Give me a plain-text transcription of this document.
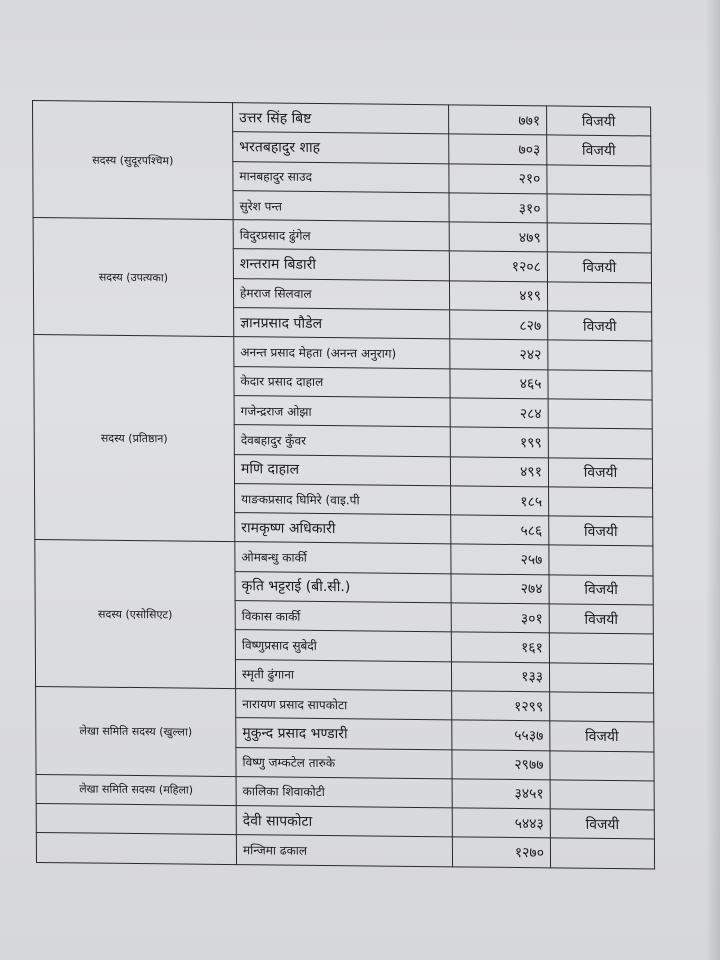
सदस्य (सुदूरपश्चिम)	उत्तर सिंह बिष्ट	७७१	विजयी
	भरतबहादुर शाह	७०३	विजयी
	मानबहादुर साउद	२१०	
	सुरेश पन्त	३१०	
सदस्य (उपत्यका)	विदुरप्रसाद ढुंगेल	४७९	
	शन्तराम बिडारी	१२०८	विजयी
	हेमराज सिलवाल	४१९	
	ज्ञानप्रसाद पौडेल	८२७	विजयी
सदस्य (प्रतिष्ठान)	अनन्त प्रसाद मेहता (अनन्त अनुराग)	२४२	
	केदार प्रसाद दाहाल	४६५	
	गजेन्द्रराज ओझा	२८४	
	देवबहादुर कुँवर	१९९	
	मणि दाहाल	४९१	विजयी
	याङकप्रसाद घिमिरे (वाइ.पी	१८५	
	रामकृष्ण अधिकारी	५८६	विजयी
सदस्य (एसोसिएट)	ओमबन्धु कार्की	२५७	
	कृति भट्टराई (बी.सी.)	२७४	विजयी
	विकास कार्की	३०१	विजयी
	विष्णुप्रसाद सुबेदी	१६१	
	स्मृती ढुंगाना	१३३	
लेखा समिति सदस्य (खुल्ला)	नारायण प्रसाद सापकोटा	१२९९	
	मुकुन्द प्रसाद भण्डारी	५५३७	विजयी
	विष्णु जम्कटेल तारुके	२९७७	
लेखा समिति सदस्य (महिला)	कालिका शिवाकोटी	३४५१	
	देवी सापकोटा	५४४३	विजयी
	मन्जिमा ढकाल	१२७०	
